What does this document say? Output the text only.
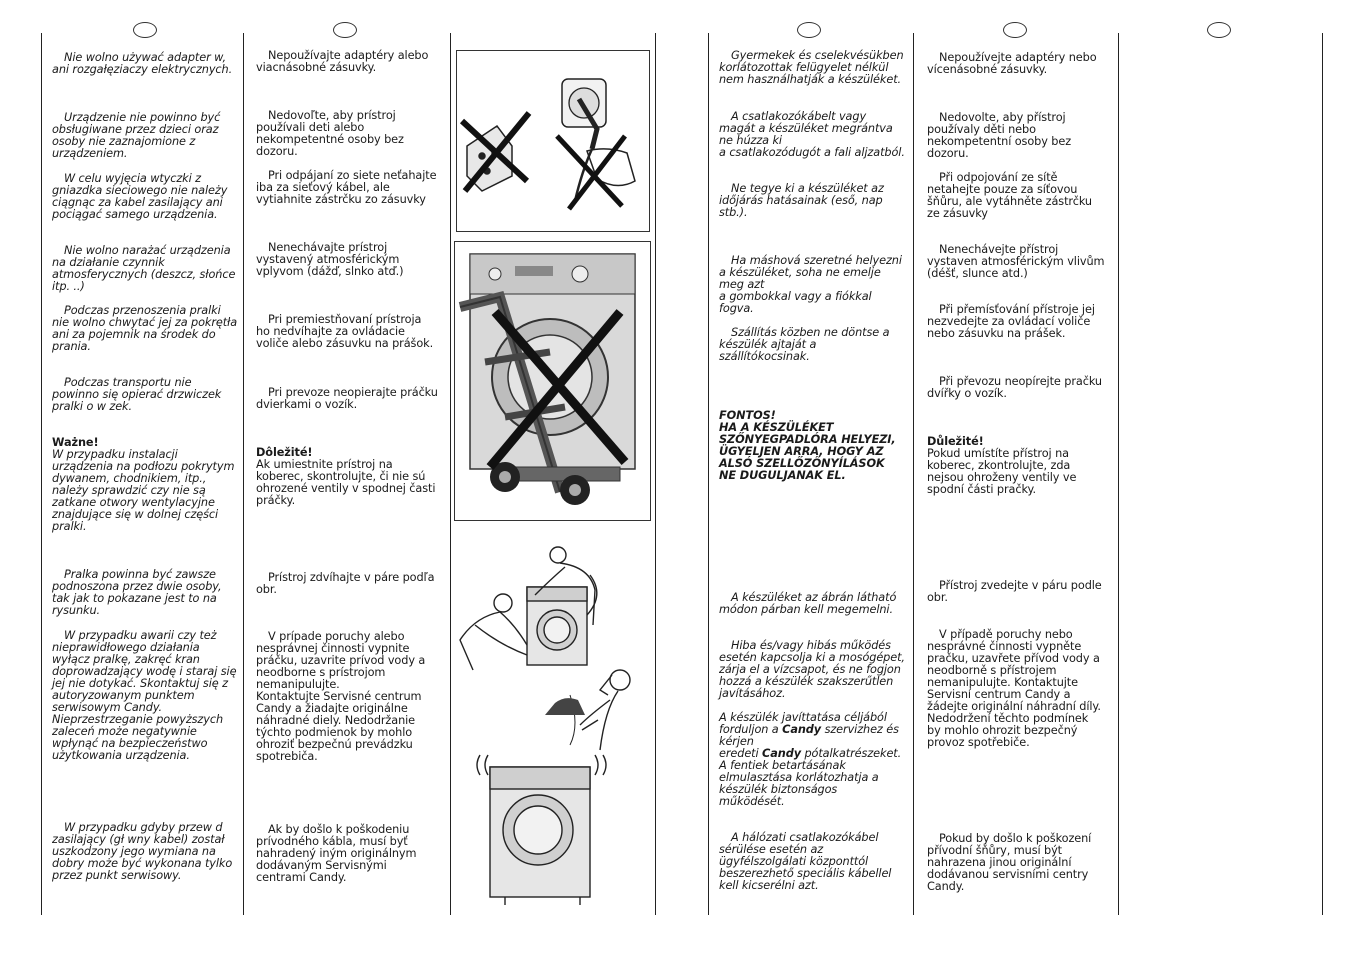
Nie wolno używać adapter w, ani rozgałęziaczy elektrycznych.

Urządzenie nie powinno być obsługiwane przez dzieci oraz osoby nie zaznajomione z urządzeniem.

W celu wyjęcia wtyczki z gniazdka sieciowego nie należy ciągnąc za kabel zasilający ani pociągać samego urządzenia.

Nie wolno narażać urządzenia na działanie czynnik atmosferycznych (deszcz, słońce itp. ..)

Podczas przenoszenia pralki nie wolno chwytać jej za pokrętła ani za pojemnik na środek do prania.

Podczas transportu nie powinno się opierać drzwiczek pralki o w zek.

Ważne!

W przypadku instalacji urządzenia na podłozu pokrytym dywanem, chodnikiem, itp., należy sprawdzić czy nie są zatkane otwory wentylacyjne znajdujące się w dolnej części pralki.

Pralka powinna być zawsze podnoszona przez dwie osoby, tak jak to pokazane jest to na rysunku.

W przypadku awarii czy też nieprawidłowego działania wyłącz pralkę, zakręć kran doprowadzający wodę i staraj się jej nie dotykać. Skontaktuj się z autoryzowanym punktem serwisowym Candy. Nieprzestrzeganie powyższych zaleceń może negatywnie wpłynąć na bezpieczeństwo użytkowania urządzenia.

W przypadku gdyby przew d zasilający (gł wny kabel) został uszkodzony jego wymiana na dobry może być wykonana tylko przez punkt serwisowy.

Nepoužívajte adaptéry alebo viacnásobné zásuvky.

Nedovoľte, aby prístroj používali deti alebo nekompetentné osoby bez dozoru.

Pri odpájaní zo siete neťahajte iba za sieťový kábel, ale vytiahnite zástrčku zo zásuvky

Nenechávajte prístroj vystavený atmosférickým vplyvom (dážď, slnko atď.)

Pri premiestňovaní prístroja ho nedvíhajte za ovládacie voliče alebo zásuvku na prášok.

Pri prevoze neopierajte práčku dvierkami o vozík.

Dôležité!

Ak umiestnite prístroj na koberec, skontrolujte, či nie sú ohrozené ventily v spodnej časti práčky.

Prístroj zdvíhajte v páre podľa obr.

V prípade poruchy alebo nesprávnej činnosti vypnite práčku, uzavrite prívod vody a neodborne s prístrojom nemanipulujte.

Kontaktujte Servisné centrum Candy a žiadajte originálne náhradné diely. Nedodržanie týchto podmienok by mohlo ohroziť bezpečnú prevádzku spotrebiča.

Ak by došlo k poškodeniu prívodného kábla, musí byť nahradený iným originálnym dodávaným Servisnými centrami Candy.

Gyermekek és cselekvésükben korlátozottak felügyelet nélkül nem használhatják a készüléket.

A csatlakozókábelt vagy magát a készüléket megrántva ne húzza ki

a csatlakozódugót a fali aljzatból.

Ne tegye ki a készüléket az időjárás hatásainak (eső, nap stb.).

Ha máshová szeretné helyezni a készüléket, soha ne emelje meg azt

a gombokkal vagy a fiókkal fogva.

Szállítás közben ne döntse a készülék ajtaját a szállítókocsinak.

FONTOS!

HA A KÉSZÜLÉKET SZŐNYEGPADLÓRA HELYEZI, ÜGYELJEN ARRA, HOGY AZ ALSÓ SZELLŐZŐNYÍLÁSOK NE DUGULJANAK EL.

A készüléket az ábrán látható módon párban kell megemelni.

Hiba és/vagy hibás működés esetén kapcsolja ki a mosógépet, zárja el a vízcsapot, és ne fogjon hozzá a készülék szakszerűtlen javításához.

A készülék javíttatása céljából forduljon a Candy szervizhez és kérjen
eredeti Candy pótalkatrészeket.

A fentiek betartásának elmulasztása korlátozhatja a készülék biztonságos működését.

A hálózati csatlakozókábel sérülése esetén az ügyfélszolgálati központtól beszerezhető speciális kábellel kell kicserélni azt.

Nepoužívejte adaptéry nebo vícenásobné zásuvky.

Nedovolte, aby přístroj používaly děti nebo nekompetentní osoby bez dozoru.

Při odpojování ze sítě netahejte pouze za síťovou šňůru, ale vytáhněte zástrčku ze zásuvky

Nenechávejte přístroj vystaven atmosférickým vlivům (déšť, slunce atd.)

Při přemísťování přístroje jej nezvedejte za ovládací voliče nebo zásuvku na prášek.

Při převozu neopírejte pračku dvířky o vozík.

Důležité!

Pokud umístíte přístroj na koberec, zkontrolujte, zda nejsou ohroženy ventily ve spodní části pračky.

Přístroj zvedejte v páru podle obr.

V případě poruchy nebo nesprávné činnosti vypněte pračku, uzavřete přívod vody a neodborně s přístrojem nemanipulujte. Kontaktujte Servisní centrum Candy a žádejte originální náhradní díly. Nedodržení těchto podmínek by mohlo ohrozit bezpečný provoz spotřebiče.

Pokud by došlo k poškození přívodní šňůry, musí být nahrazena jinou originální dodávanou servisními centry Candy.
